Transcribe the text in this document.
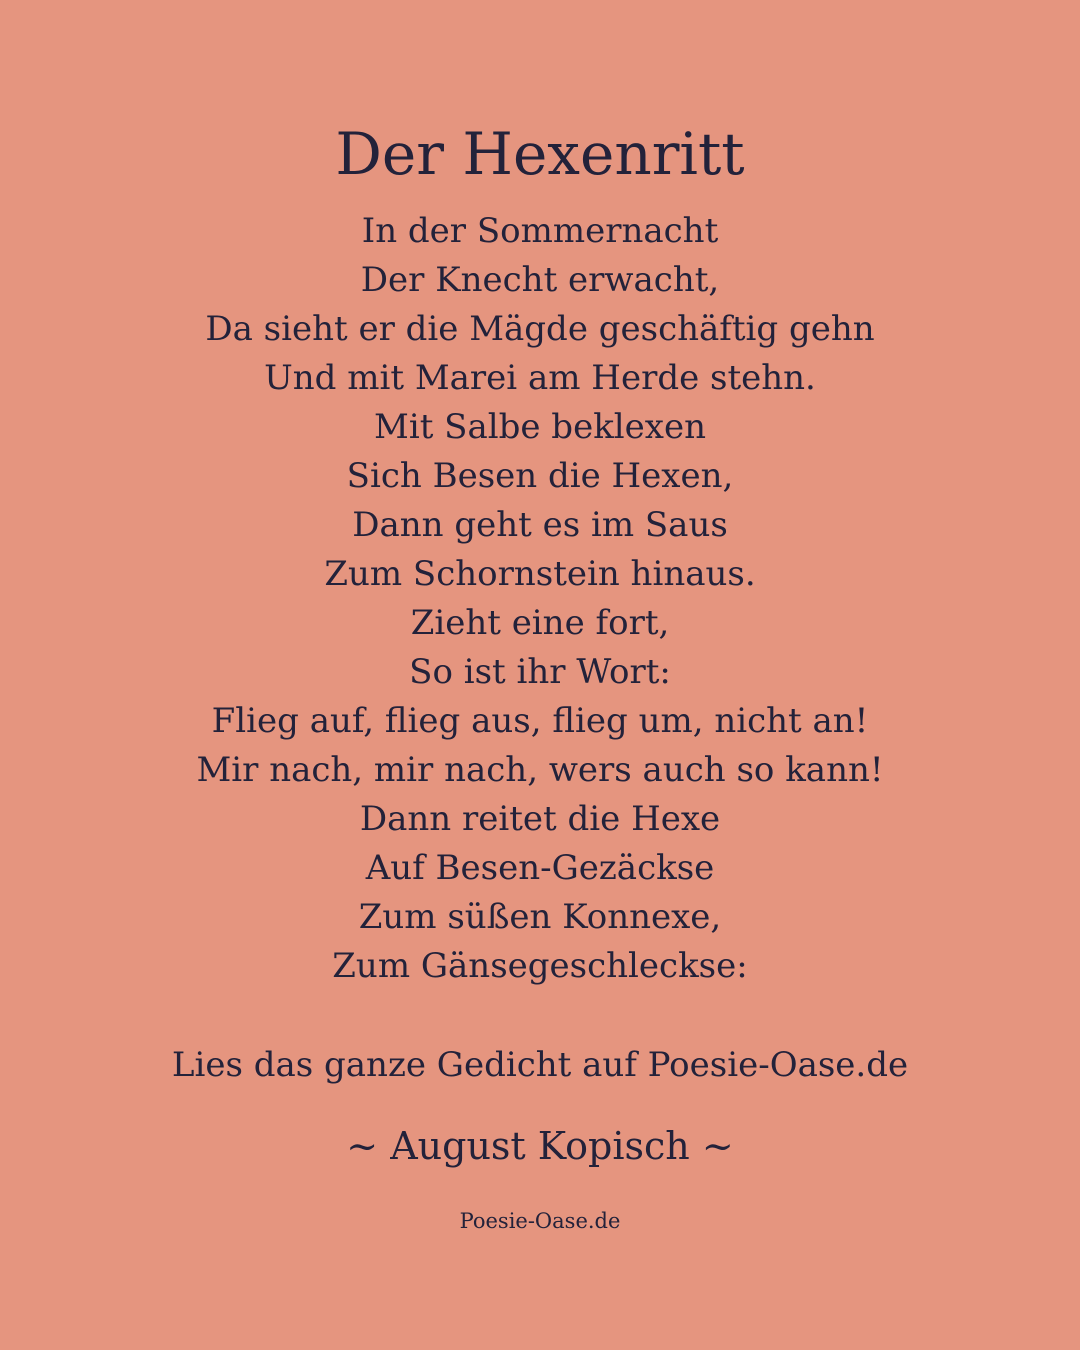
Der Hexenritt
In der Sommernacht
Der Knecht erwacht,
Da sieht er die Mägde geschäftig gehn
Und mit Marei am Herde stehn.
Mit Salbe beklexen
Sich Besen die Hexen,
Dann geht es im Saus
Zum Schornstein hinaus.
Zieht eine fort,
So ist ihr Wort:
Flieg auf, flieg aus, flieg um, nicht an!
Mir nach, mir nach, wers auch so kann!
Dann reitet die Hexe
Auf Besen-Gezäckse
Zum süßen Konnexe,
Zum Gänsegeschleckse:
Lies das ganze Gedicht auf Poesie-Oase.de
~ August Kopisch ~
Poesie-Oase.de
